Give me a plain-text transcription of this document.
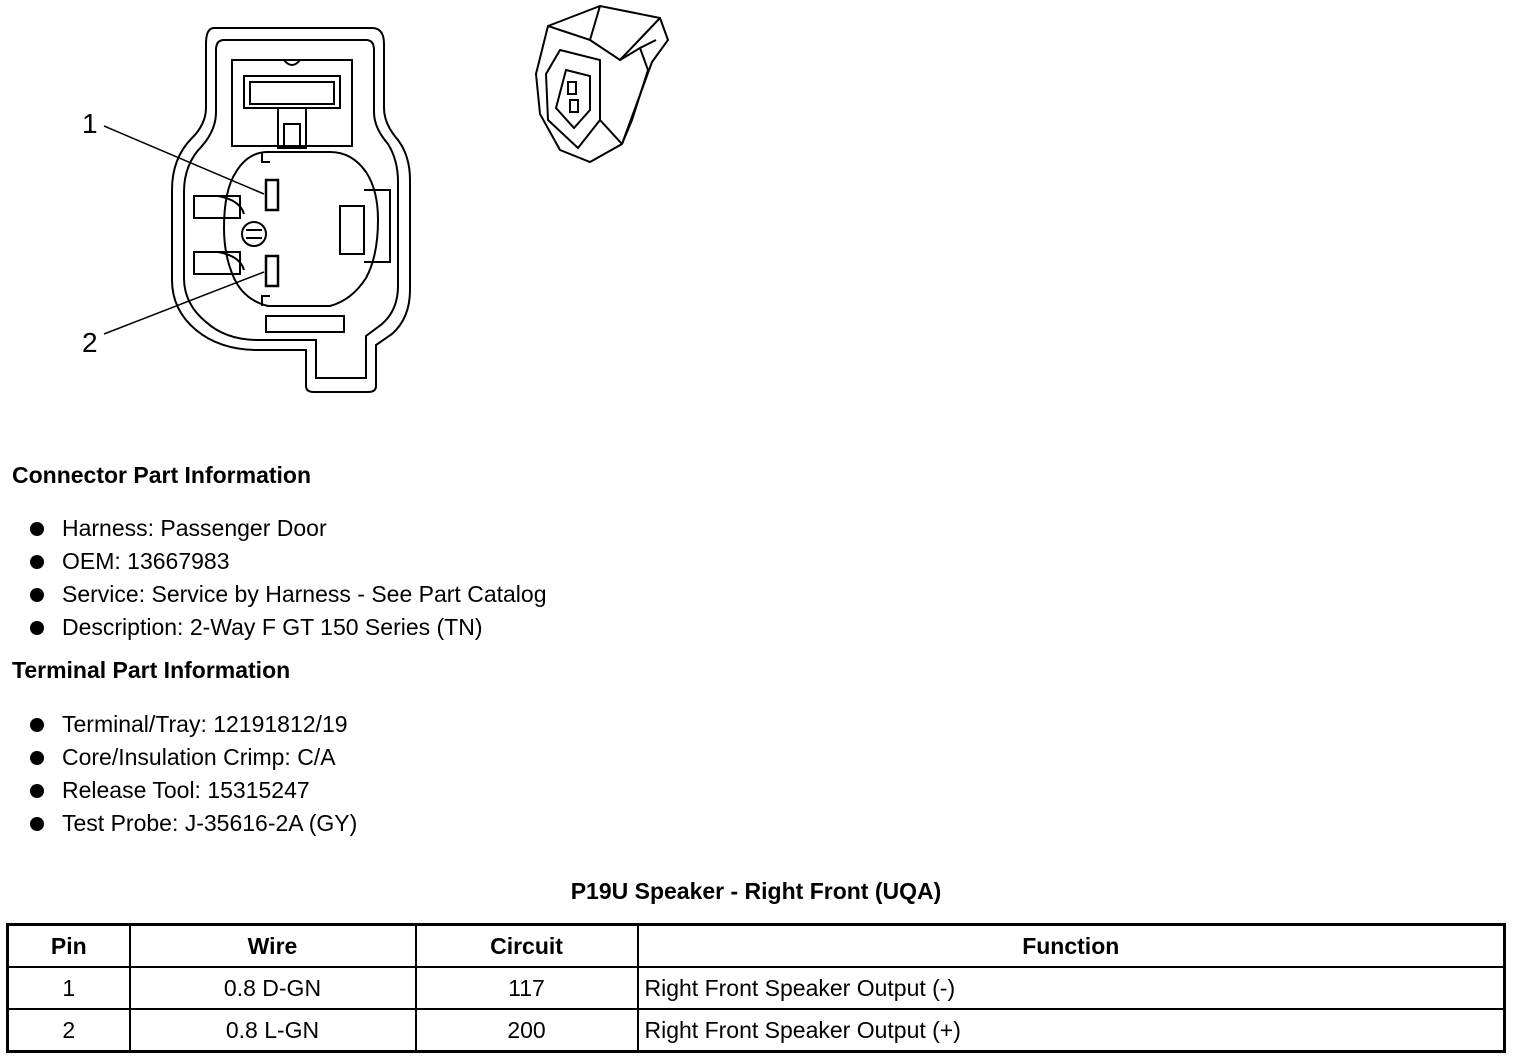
1
2
Connector Part Information
Harness: Passenger Door
OEM: 13667983
Service: Service by Harness - See Part Catalog
Description: 2-Way F GT 150 Series (TN)
Terminal Part Information
Terminal/Tray: 12191812/19
Core/Insulation Crimp: C/A
Release Tool: 15315247
Test Probe: J-35616-2A (GY)
P19U Speaker - Right Front (UQA)
Pin	Wire	Circuit	Function
1	0.8 D-GN	117	Right Front Speaker Output (-)
2	0.8 L-GN	200	Right Front Speaker Output (+)
